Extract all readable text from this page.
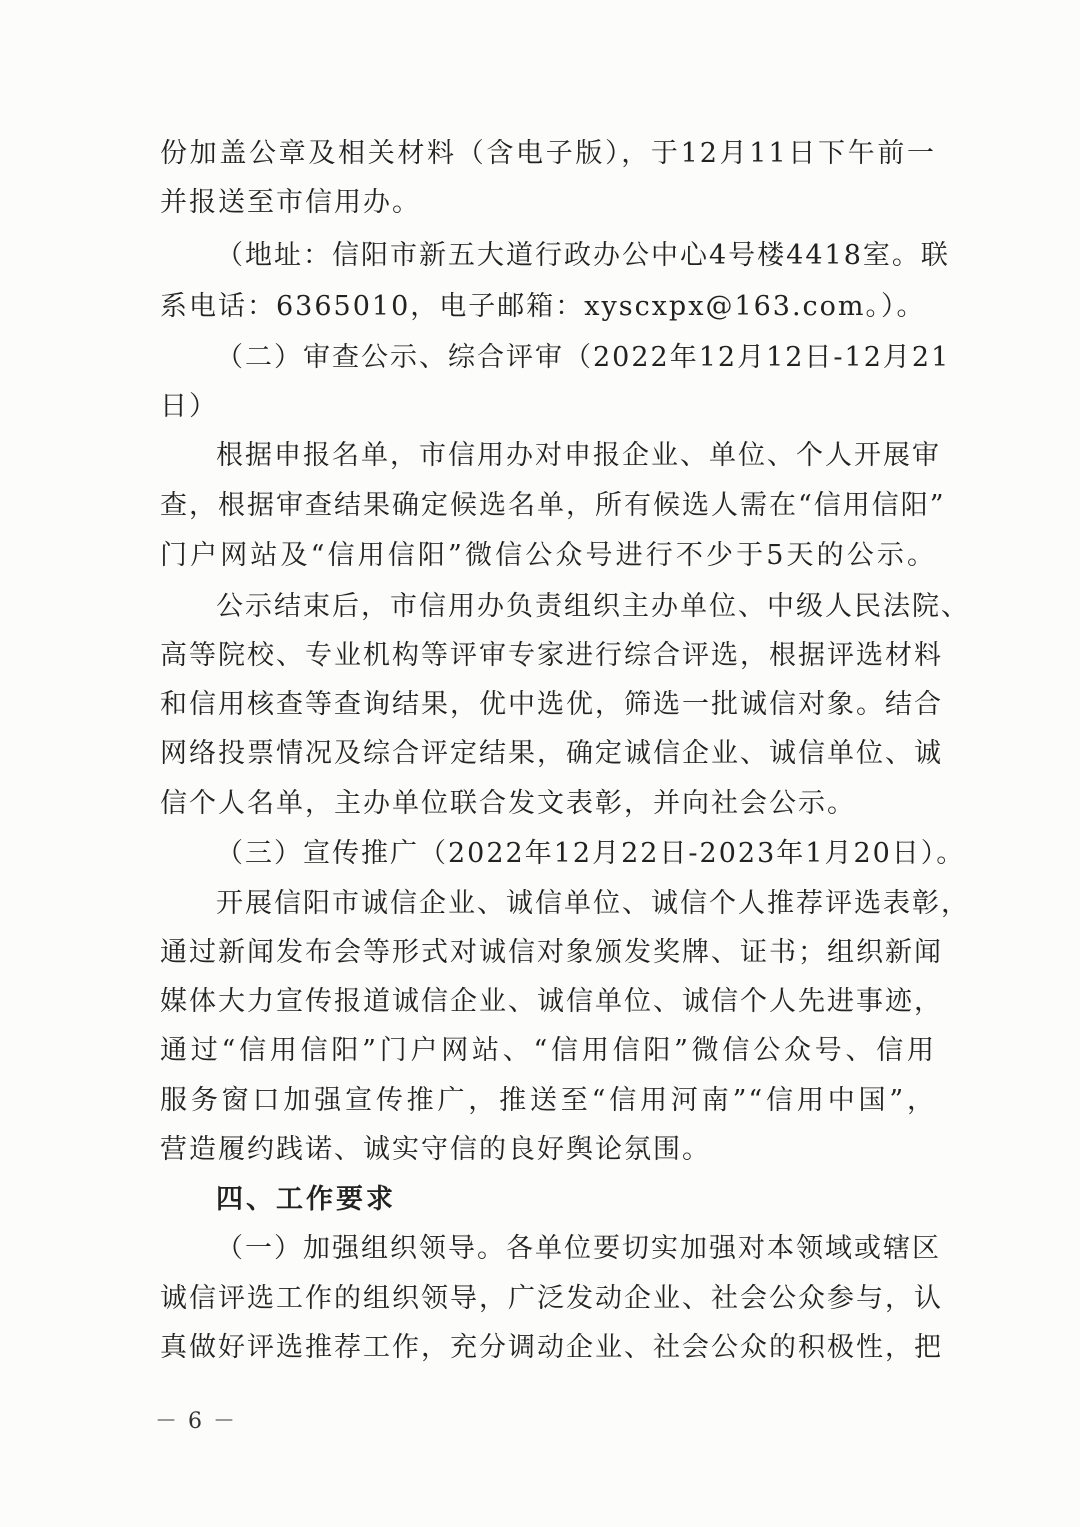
份加盖公章及相关材料（含电子版），于12月11日下午前一
并报送至市信用办。
（地址：信阳市新五大道行政办公中心4号楼4418室。联
系电话：6365010，电子邮箱：xyscxpx@163.com。）。
（二）审查公示、综合评审（2022年12月12日-12月21
日）
根据申报名单，市信用办对申报企业、单位、个人开展审
查，根据审查结果确定候选名单，所有候选人需在“信用信阳”
门户网站及“信用信阳”微信公众号进行不少于5天的公示。
公示结束后，市信用办负责组织主办单位、中级人民法院、
高等院校、专业机构等评审专家进行综合评选，根据评选材料
和信用核查等查询结果，优中选优，筛选一批诚信对象。结合
网络投票情况及综合评定结果，确定诚信企业、诚信单位、诚
信个人名单，主办单位联合发文表彰，并向社会公示。
（三）宣传推广（2022年12月22日-2023年1月20日）。
开展信阳市诚信企业、诚信单位、诚信个人推荐评选表彰，
通过新闻发布会等形式对诚信对象颁发奖牌、证书；组织新闻
媒体大力宣传报道诚信企业、诚信单位、诚信个人先进事迹，
通过“信用信阳”门户网站、“信用信阳”微信公众号、信用
服务窗口加强宣传推广，推送至“信用河南”“信用中国”，
营造履约践诺、诚实守信的良好舆论氛围。
四、工作要求
（一）加强组织领导。各单位要切实加强对本领域或辖区
诚信评选工作的组织领导，广泛发动企业、社会公众参与，认
真做好评选推荐工作，充分调动企业、社会公众的积极性，把
－ 6 －
